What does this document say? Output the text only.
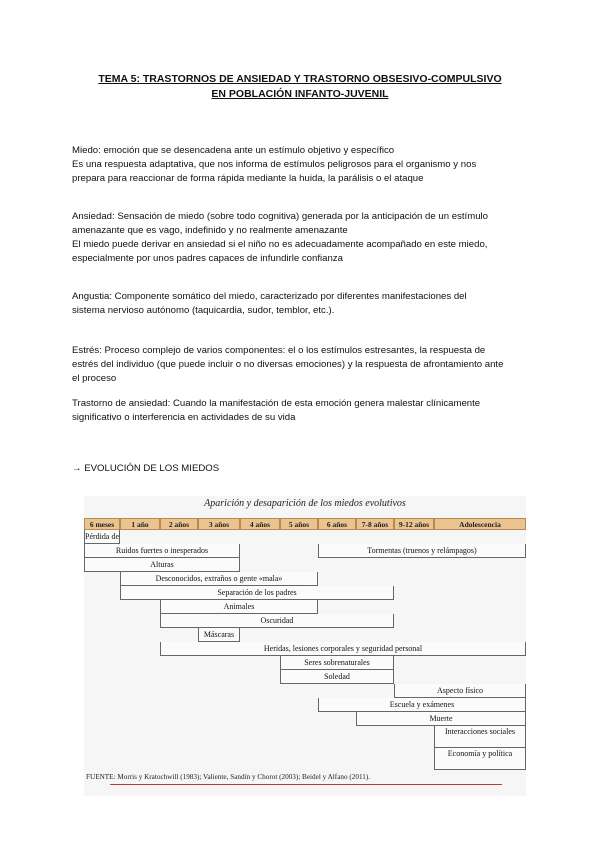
TEMA 5: TRASTORNOS DE ANSIEDAD Y TRASTORNO OBSESIVO-COMPULSIVO
EN POBLACIÓN INFANTO-JUVENIL
Miedo: emoción que se desencadena ante un estímulo objetivo y específico
Es una respuesta adaptativa, que nos informa de estímulos peligrosos para el organismo y nos
prepara para reaccionar de forma rápida mediante la huida, la parálisis o el ataque
Ansiedad: Sensación de miedo (sobre todo cognitiva) generada por la anticipación de un estímulo
amenazante que es vago, indefinido y no realmente amenazante
El miedo puede derivar en ansiedad si el niño no es adecuadamente acompañado en este miedo,
especialmente por unos padres capaces de infundirle confianza
Angustia: Componente somático del miedo, caracterizado por diferentes manifestaciones del
sistema nervioso autónomo (taquicardia, sudor, temblor, etc.).
Estrés: Proceso complejo de varios componentes: el o los estímulos estresantes, la respuesta de
estrés del individuo (que puede incluir o no diversas emociones) y la respuesta de afrontamiento ante
el proceso
Trastorno de ansiedad: Cuando la manifestación de esta emoción genera malestar clínicamente
significativo o interferencia en actividades de su vida
→ EVOLUCIÓN DE LOS MIEDOS
Aparición y desaparición de los miedos evolutivos
6 meses	1 año	2 años	3 años	4 años	5 años	6 años	7-8 años	9-12 años	Adolescencia
Pérdida de
Ruidos fuertes o inesperados	Tormentas (truenos y relámpagos)
Alturas
Desconocidos, extraños o gente «mala»
Separación de los padres
Animales
Oscuridad
Máscaras
Heridas, lesiones corporales y seguridad personal
Seres sobrenaturales
Soledad
Aspecto físico
Escuela y exámenes
Muerte
Interacciones sociales
Economía y política
FUENTE: Morris y Kratochwill (1983); Valiente, Sandín y Chorot (2003); Beidel y Alfano (2011).
